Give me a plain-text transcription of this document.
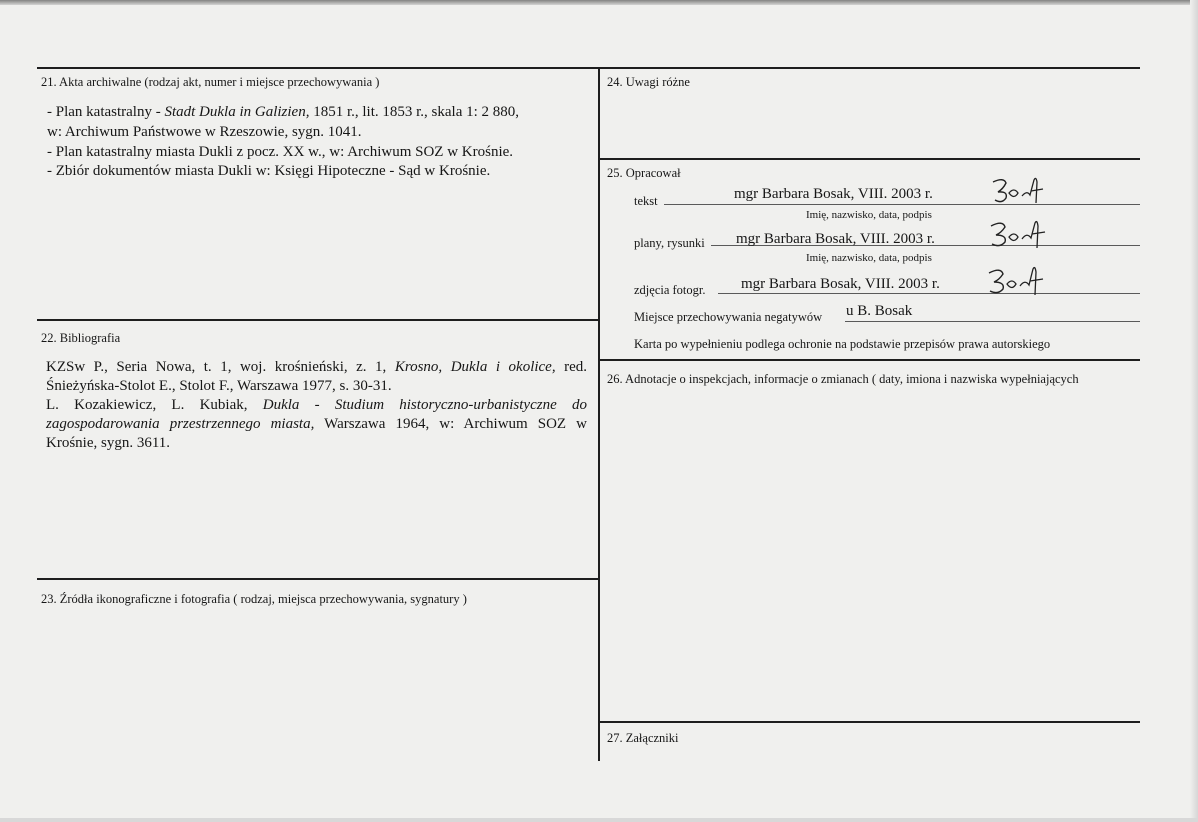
21. Akta archiwalne (rodzaj akt, numer i miejsce przechowywania )
- Plan katastralny - Stadt Dukla in Galizien, 1851 r., lit. 1853 r., skala 1: 2 880,
w: Archiwum Państwowe w Rzeszowie, sygn. 1041.
- Plan katastralny miasta Dukli z pocz. XX w., w: Archiwum SOZ w Krośnie.
- Zbiór dokumentów miasta Dukli w: Księgi Hipoteczne - Sąd w Krośnie.
22. Bibliografia
KZSw P., Seria Nowa, t. 1, woj. krośnieński, z. 1, Krosno, Dukla i okolice, red. Śnieżyńska-Stolot E., Stolot F., Warszawa 1977, s. 30-31.
L. Kozakiewicz, L. Kubiak, Dukla - Studium historyczno-urbanistyczne do zagospodarowania przestrzennego miasta, Warszawa 1964, w: Archiwum SOZ w Krośnie, sygn. 3611.
23. Źródła ikonograficzne i fotografia ( rodzaj, miejsca przechowywania, sygnatury )
24. Uwagi różne
25. Opracował
tekst	mgr Barbara Bosak, VIII. 2003 r.
Imię, nazwisko, data, podpis
plany, rysunki mgr Barbara Bosak, VIII. 2003 r.
Imię, nazwisko, data, podpis
zdjęcia fotogr. mgr Barbara Bosak, VIII. 2003 r.
Miejsce przechowywania negatywów u B. Bosak
Karta po wypełnieniu podlega ochronie na podstawie przepisów prawa autorskiego
26. Adnotacje o inspekcjach, informacje o zmianach ( daty, imiona i nazwiska wypełniających
27. Załączniki
